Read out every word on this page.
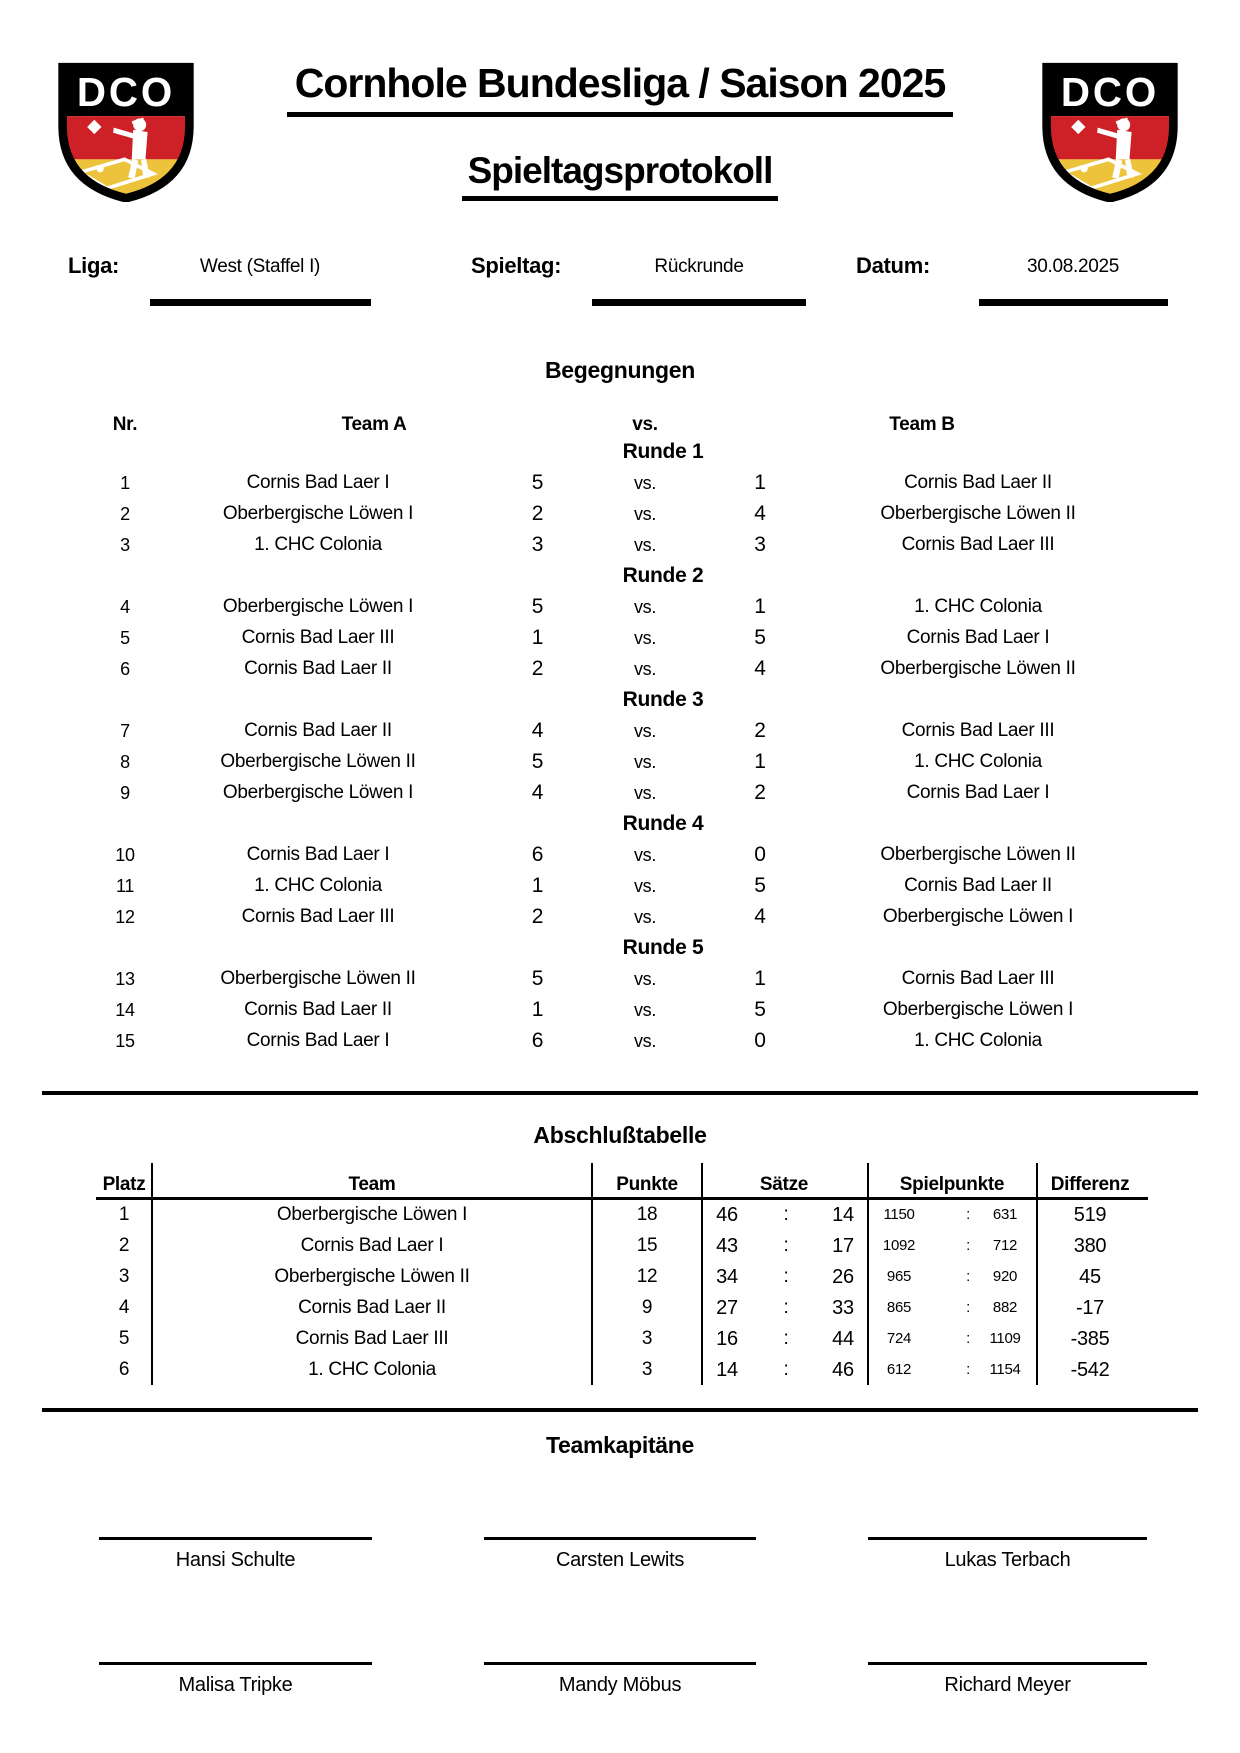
DCO	DCO
Cornhole Bundesliga / Saison 2025
Spieltagsprotokoll
Liga:	West (Staffel I)	Spieltag:	Rückrunde	Datum:	30.08.2025
Begegnungen
Nr.	Team A	vs.	Team B
Runde 1
1	Cornis Bad Laer I	5	vs.	1	Cornis Bad Laer II
2	Oberbergische Löwen I	2	vs.	4	Oberbergische Löwen II
3	1. CHC Colonia	3	vs.	3	Cornis Bad Laer III
Runde 2
4	Oberbergische Löwen I	5	vs.	1	1. CHC Colonia
5	Cornis Bad Laer III	1	vs.	5	Cornis Bad Laer I
6	Cornis Bad Laer II	2	vs.	4	Oberbergische Löwen II
Runde 3
7	Cornis Bad Laer II	4	vs.	2	Cornis Bad Laer III
8	Oberbergische Löwen II	5	vs.	1	1. CHC Colonia
9	Oberbergische Löwen I	4	vs.	2	Cornis Bad Laer I
Runde 4
10	Cornis Bad Laer I	6	vs.	0	Oberbergische Löwen II
11	1. CHC Colonia	1	vs.	5	Cornis Bad Laer II
12	Cornis Bad Laer III	2	vs.	4	Oberbergische Löwen I
Runde 5
13	Oberbergische Löwen II	5	vs.	1	Cornis Bad Laer III
14	Cornis Bad Laer II	1	vs.	5	Oberbergische Löwen I
15	Cornis Bad Laer I	6	vs.	0	1. CHC Colonia
Abschlußtabelle
Platz	Team	Punkte	Sätze	Spielpunkte	Differenz
1	Oberbergische Löwen I	18	46	:	14	1150	:	631	519
2	Cornis Bad Laer I	15	43	:	17	1092	:	712	380
3	Oberbergische Löwen II	12	34	:	26	965	:	920	45
4	Cornis Bad Laer II	9	27	:	33	865	:	882	-17
5	Cornis Bad Laer III	3	16	:	44	724	:	1109	-385
6	1. CHC Colonia	3	14	:	46	612	:	1154	-542
Teamkapitäne
Hansi Schulte	Carsten Lewits	Lukas Terbach
Malisa Tripke	Mandy Möbus	Richard Meyer
